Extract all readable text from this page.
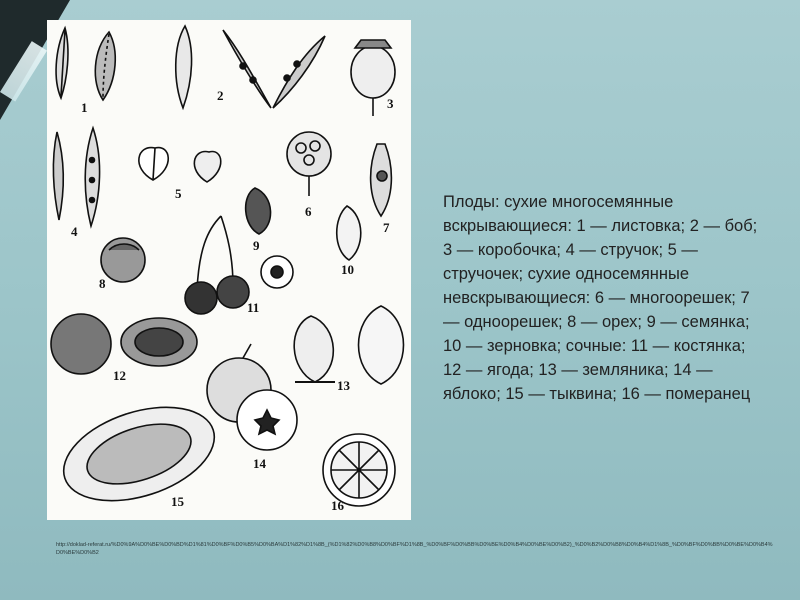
1
2
3
4
5
6
7
8
9
10
11
12
13
14
15	16
Плоды: сухие многосемянные вскрывающиеся: 1 — листовка; 2 — боб; 3 — коробочка; 4 — стручок; 5 — стручочек; сухие односемянные невскрывающиеся: 6 — многоорешек; 7 — одноорешек; 8 — орех; 9 — семянка; 10 — зерновка; сочные: 11 — костянка; 12 — ягода; 13 — земляника; 14 — яблоко; 15 — тыквина; 16 — померанец
http://doklad-referat.ru/%D0%9A%D0%BE%D0%BD%D1%81%D0%BF%D0%B5%D0%BA%D1%82%D1%8B_(%D1%82%D0%B8%D0%BF%D1%8B_%D0%BF%D0%BB%D0%BE%D0%B4%D0%BE%D0%B2)_%D0%B2%D0%B8%D0%B4%D1%8B_%D0%BF%D0%BB%D0%BE%D0%B4%D0%BE%D0%B2
